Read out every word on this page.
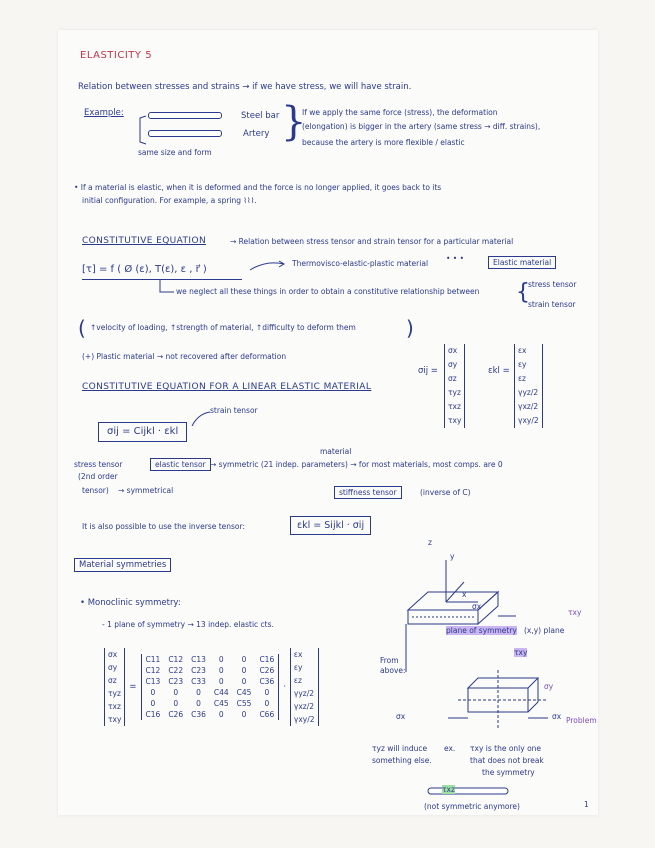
ELASTICITY 5
Relation between stresses and strains → if we have stress, we will have strain.
Example:
same size and form
Steel bar
Artery }
If we apply the same force (stress), the deformation
(elongation) is bigger in the artery (same stress → diff. strains),
because the artery is more flexible / elastic
• If a material is elastic, when it is deformed and the force is no longer applied, it goes back to its
initial configuration. For example, a spring ⌇⌇⌇.
CONSTITUTIVE EQUATION	→ Relation between stress tensor and strain tensor for a particular material
[τ] = f ( Ø (ε), T(ε), ε , r⃗ )
Thermovisco-elastic-plastic material
• • •	Elastic material
we neglect all these things in order to obtain a constitutive relationship between {
stress tensor
strain tensor
( ↑velocity of loading, ↑strength of material, ↑difficulty to deform them	)
(+) Plastic material → not recovered after deformation
σij =
σx
σy
σz
τyz
τxz
τxy
εkl =
εx
εy
εz
γyz/2
γxz/2
γxy/2
CONSTITUTIVE EQUATION FOR A LINEAR ELASTIC MATERIAL
σij = Cijkl · εkl
strain tensor
stress tensor
(2nd order
tensor) → symmetrical
material
elastic tensor → symmetric (21 indep. parameters) → for most materials, most comps. are 0
stiffness tensor	(inverse of C)
It is also possible to use the inverse tensor:	εkl = Sijkl · σij
Material symmetries
• Monoclinic symmetry:
- 1 plane of symmetry → 13 indep. elastic cts.
σx
σy
σz
τyz
τxz
τxy
=
C11	C12	C13	0	0	C16
C12	C22	C23	0	0	C26
C13	C23	C33	0	0	C36
0	0	0	C44	C45	0
0	0	0	C45	C55	0
C16	C26	C36	0	0	C66
·
εx
εy
εz
γyz/2
γxz/2
γxy/2
z
y
x
σx
plane of symmetry (x,y) plane
τxy
From
above:
σx	σx
σy
τxy
Problem
τyz will induce
something else.
ex. τxy is the only one
that does not break
the symmetry
τxz
(not symmetric anymore)	1
